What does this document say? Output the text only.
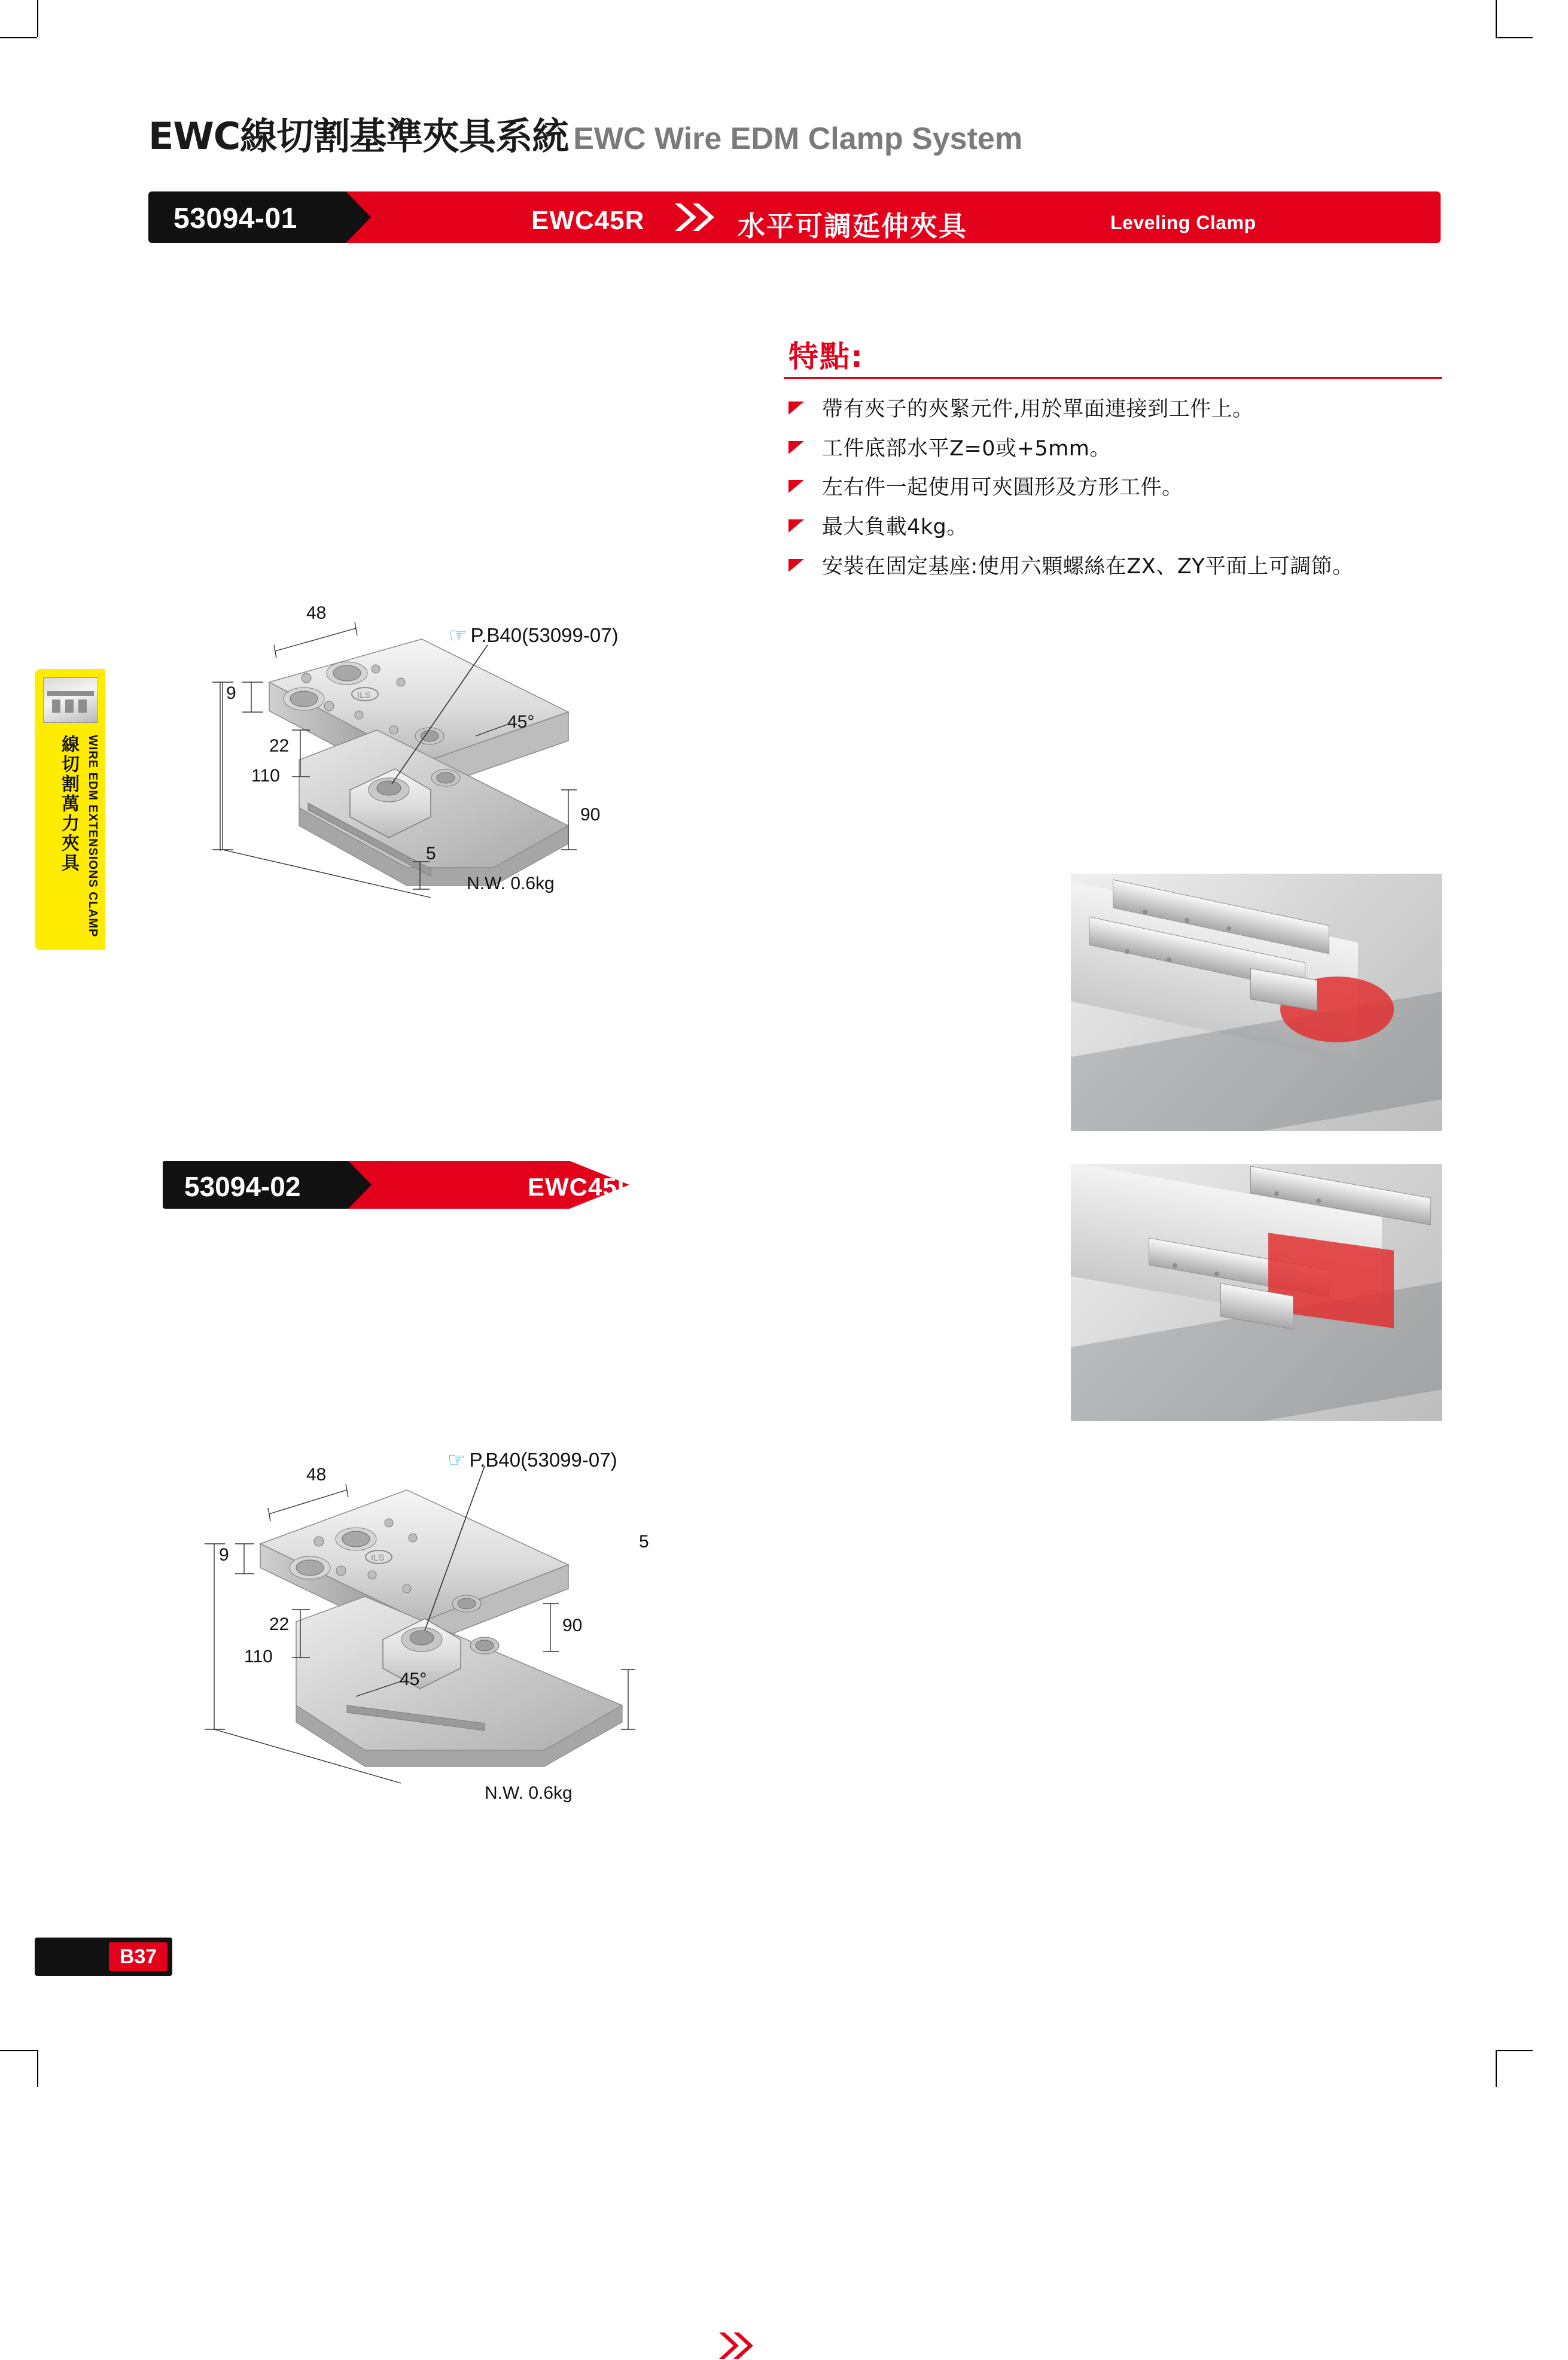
EWC線切割基準夾具系統 EWC Wire EDM Clamp System
53094-01	EWC45R	水平可調延伸夾具	Leveling Clamp
特點:
帶有夾子的夾緊元件,用於單面連接到工件上。
工件底部水平Z=0或+5mm。
左右件一起使用可夾圓形及方形工件。
最大負載4kg。
安裝在固定基座:使用六顆螺絲在ZX、ZY平面上可調節。
線切割萬力夾具 WIRE EDM EXTENSIONS CLAMP
ILS
48
9
22
110
90
5
45°
N.W. 0.6kg
☞ P.B40(53099-07)
53094-02	EWC45L
ILS
48
9
22
110
45°
90
5
N.W. 0.6kg
☞ P.B40(53099-07)
B37
